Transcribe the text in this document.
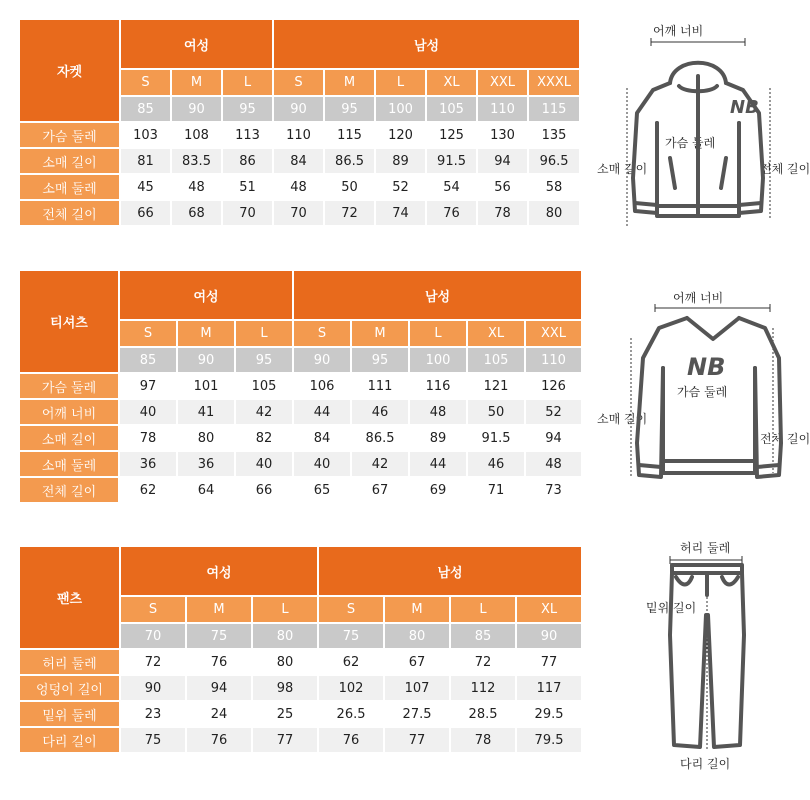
자켓	여성			남성					
	S	M	L	S	M	L	XL	XXL	XXXL
	85	90	95	90	95	100	105	110	115
가슴 둘레	103	108	113	110	115	120	125	130	135
소매 길이	81	83.5	86	84	86.5	89	91.5	94	96.5
소매 둘레	45	48	51	48	50	52	54	56	58
전체 길이	66	68	70	70	72	74	76	78	80
티셔츠	여성			남성				
	S	M	L	S	M	L	XL	XXL
	85	90	95	90	95	100	105	110
가슴 둘레	97	101	105	106	111	116	121	126
어깨 너비	40	41	42	44	46	48	50	52
소매 길이	78	80	82	84	86.5	89	91.5	94
소매 둘레	36	36	40	40	42	44	46	48
전체 길이	62	64	66	65	67	69	71	73
팬츠	여성			남성			
	S	M	L	S	M	L	XL
	70	75	80	75	80	85	90
허리 둘레	72	76	80	62	67	72	77
엉덩이 길이	90	94	98	102	107	112	117
밑위 둘레	23	24	25	26.5	27.5	28.5	29.5
다리 길이	75	76	77	76	77	78	79.5
어깨 너비
가슴 둘레
소매 길이	전체 길이
NB
어깨 너비
가슴 둘레
소매 길이
전체 길이
NB
허리 둘레
밑위 길이
다리 길이
